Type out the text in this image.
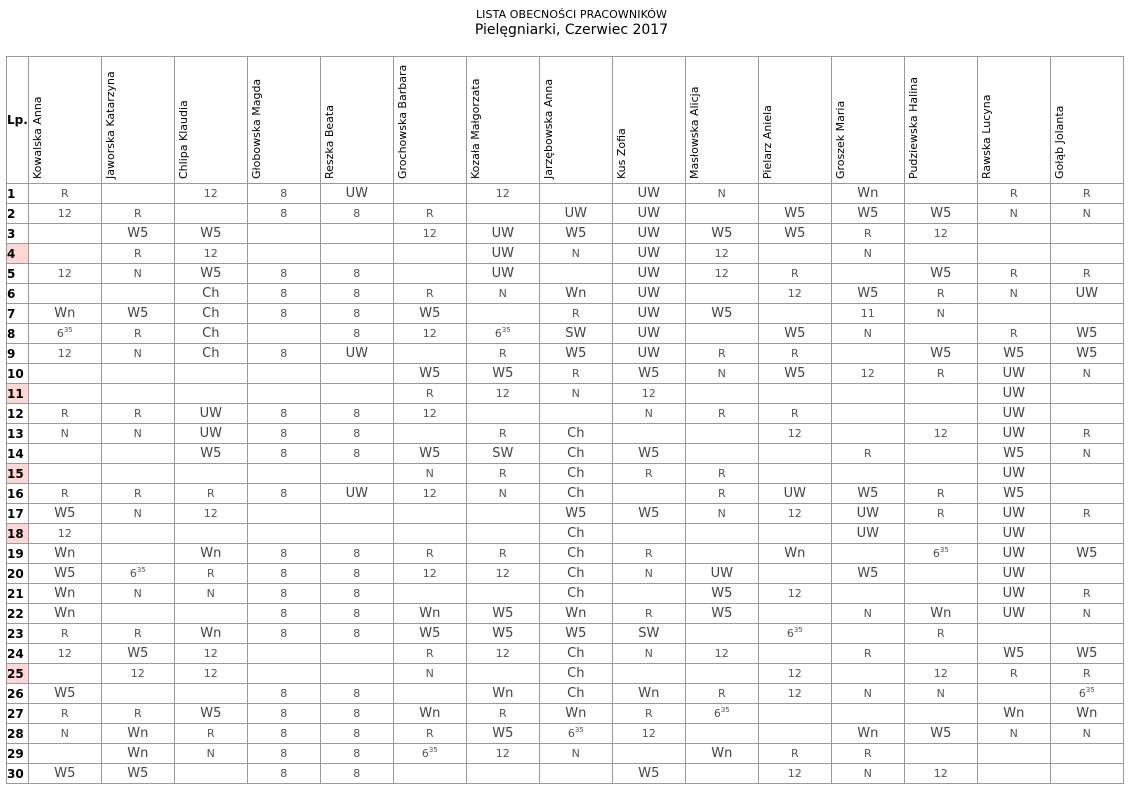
LISTA OBECNOŚCI PRACOWNIKÓW
Pielęgniarki, Czerwiec 2017
Lp.	Kowalska Anna	Jaworska Katarzyna	Chlipa Klaudia	Głobowska Magda	Reszka Beata	Grochowska Barbara	Kozała Małgorzata	Jarzębowska Anna	Kus Zofia	Masłowska Alicja	Pielarz Aniela	Groszek Maria	Pudziewska Halina	Rawska Lucyna	Gołąb Jolanta

1	R		12	8	UW		12		UW	N		Wn		R	R
2	12	R		8	8	R		UW	UW		W5	W5	W5	N	N
3		W5	W5			12	UW	W5	UW	W5	W5	R	12		
4		R	12				UW	N	UW	12		N			
5	12	N	W5	8	8		UW		UW	12	R		W5	R	R
6			Ch	8	8	R	N	Wn	UW		12	W5	R	N	UW
7	Wn	W5	Ch	8	8	W5		R	UW	W5		11	N		
8	$6^{35}$	R	Ch		8	12	$6^{35}$	SW	UW		W5	N		R	W5
9	12	N	Ch	8	UW		R	W5	UW	R	R		W5	W5	W5
10						W5	W5	R	W5	N	W5	12	R	UW	N
11						R	12	N	12					UW	
12	R	R	UW	8	8	12			N	R	R			UW	
13	N	N	UW	8	8		R	Ch			12		12	UW	R
14			W5	8	8	W5	SW	Ch	W5			R		W5	N
15						N	R	Ch	R	R				UW	
16	R	R	R	8	UW	12	N	Ch		R	UW	W5	R	W5	
17	W5	N	12					W5	W5	N	12	UW	R	UW	R
18	12							Ch				UW		UW	
19	Wn		Wn	8	8	R	R	Ch	R		Wn		$6^{35}$	UW	W5
20	W5	$6^{35}$	R	8	8	12	12	Ch	N	UW		W5		UW	
21	Wn	N	N	8	8			Ch		W5	12			UW	R
22	Wn			8	8	Wn	W5	Wn	R	W5		N	Wn	UW	N
23	R	R	Wn	8	8	W5	W5	W5	SW		$6^{35}$		R		
24	12	W5	12			R	12	Ch	N	12		R		W5	W5
25		12	12			N		Ch			12		12	R	R
26	W5			8	8		Wn	Ch	Wn	R	12	N	N		$6^{35}$
27	R	R	W5	8	8	Wn	R	Wn	R	$6^{35}$				Wn	Wn
28	N	Wn	R	8	8	R	W5	$6^{35}$	12			Wn	W5	N	N
29		Wn	N	8	8	$6^{35}$	12	N		Wn	R	R			
30	W5	W5		8	8				W5		12	N	12		
